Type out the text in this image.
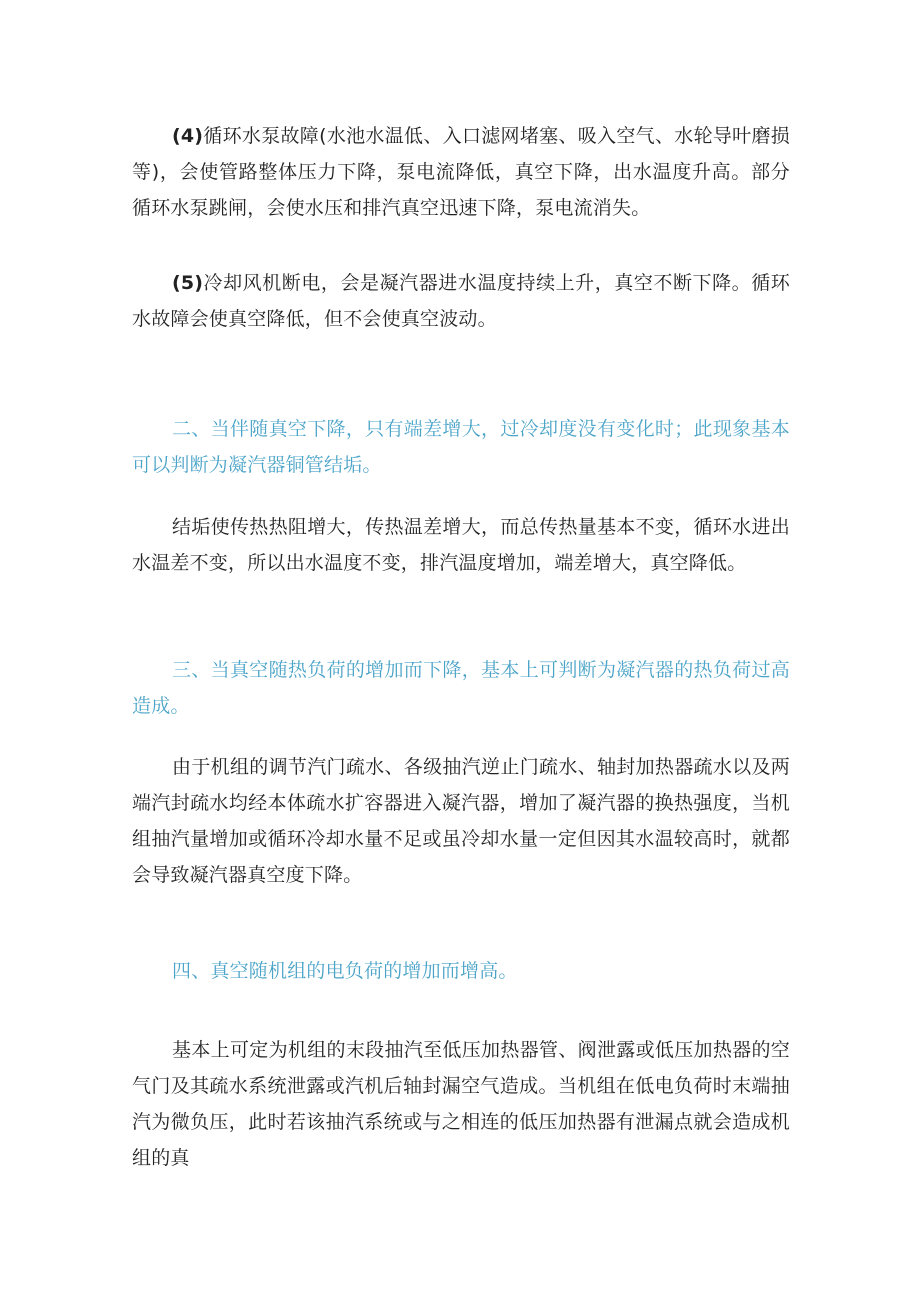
(4)循环水泵故障(水池水温低、入口滤网堵塞、吸入空气、水轮导叶磨损等)，会使管路整体压力下降，泵电流降低，真空下降，出水温度升高。部分循环水泵跳闸，会使水压和排汽真空迅速下降，泵电流消失。

(5)冷却风机断电，会是凝汽器进水温度持续上升，真空不断下降。循环水故障会使真空降低，但不会使真空波动。

二、当伴随真空下降，只有端差增大，过冷却度没有变化时；此现象基本可以判断为凝汽器铜管结垢。

结垢使传热热阻增大，传热温差增大，而总传热量基本不变，循环水进出水温差不变，所以出水温度不变，排汽温度增加，端差增大，真空降低。

三、当真空随热负荷的增加而下降，基本上可判断为凝汽器的热负荷过高造成。

由于机组的调节汽门疏水、各级抽汽逆止门疏水、轴封加热器疏水以及两端汽封疏水均经本体疏水扩容器进入凝汽器，增加了凝汽器的换热强度，当机组抽汽量增加或循环冷却水量不足或虽冷却水量一定但因其水温较高时，就都会导致凝汽器真空度下降。

四、真空随机组的电负荷的增加而增高。

基本上可定为机组的末段抽汽至低压加热器管、阀泄露或低压加热器的空气门及其疏水系统泄露或汽机后轴封漏空气造成。当机组在低电负荷时末端抽汽为微负压，此时若该抽汽系统或与之相连的低压加热器有泄漏点就会造成机组的真
